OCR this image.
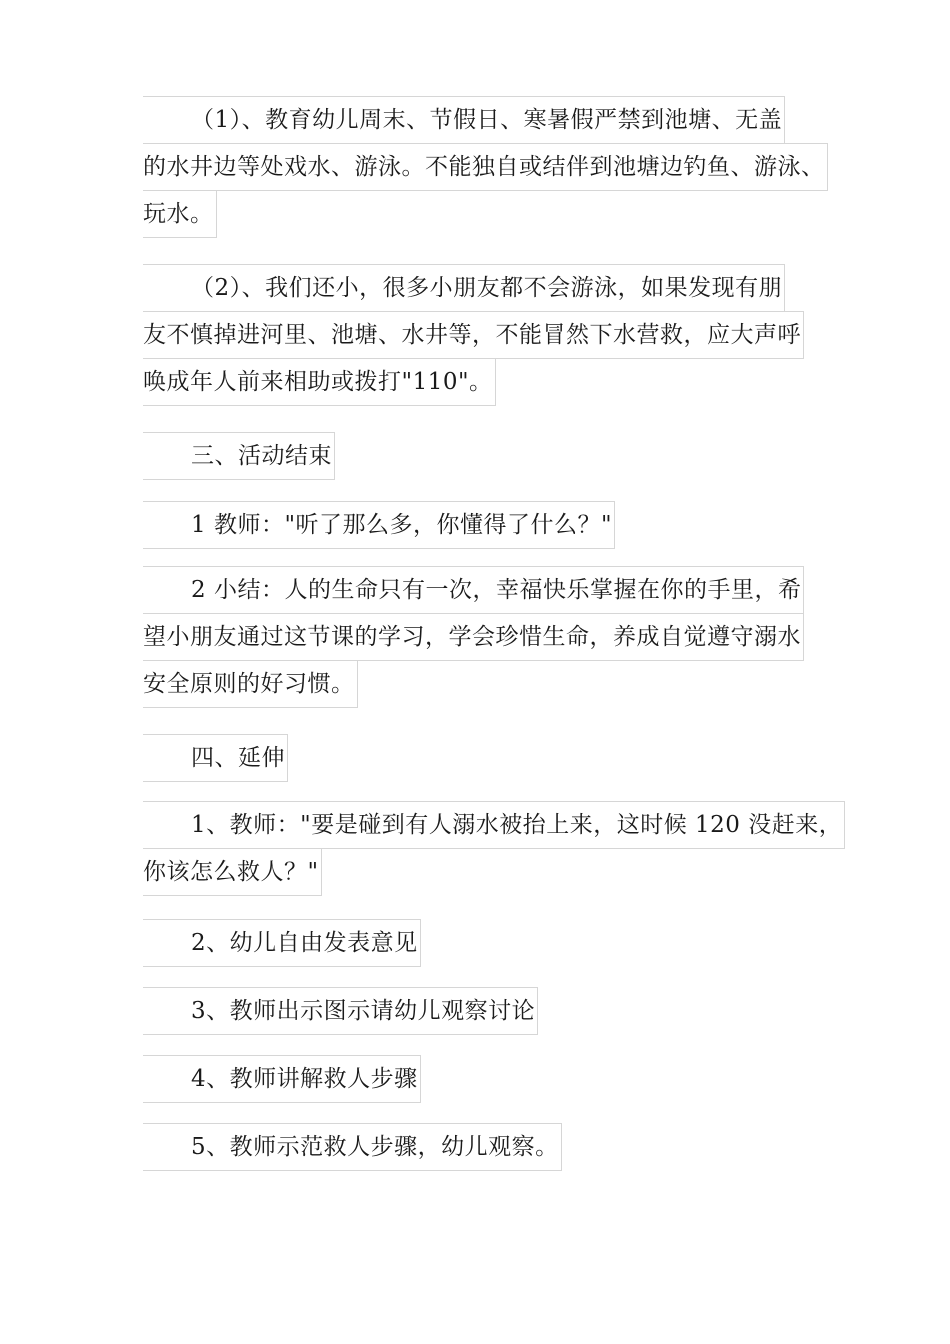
（1）、教育幼儿周末、节假日、寒暑假严禁到池塘、无盖
的水井边等处戏水、游泳。不能独自或结伴到池塘边钓鱼、游泳、
玩水。
（2）、我们还小，很多小朋友都不会游泳，如果发现有朋
友不慎掉进河里、池塘、水井等，不能冒然下水营救，应大声呼
唤成年人前来相助或拨打"110"。
三、活动结束
1 教师："听了那么多，你懂得了什么？"
2 小结：人的生命只有一次，幸福快乐掌握在你的手里，希
望小朋友通过这节课的学习，学会珍惜生命，养成自觉遵守溺水
安全原则的好习惯。
四、延伸
1、教师："要是碰到有人溺水被抬上来，这时候 120 没赶来，
你该怎么救人？"
2、幼儿自由发表意见
3、教师出示图示请幼儿观察讨论
4、教师讲解救人步骤
5、教师示范救人步骤，幼儿观察。
